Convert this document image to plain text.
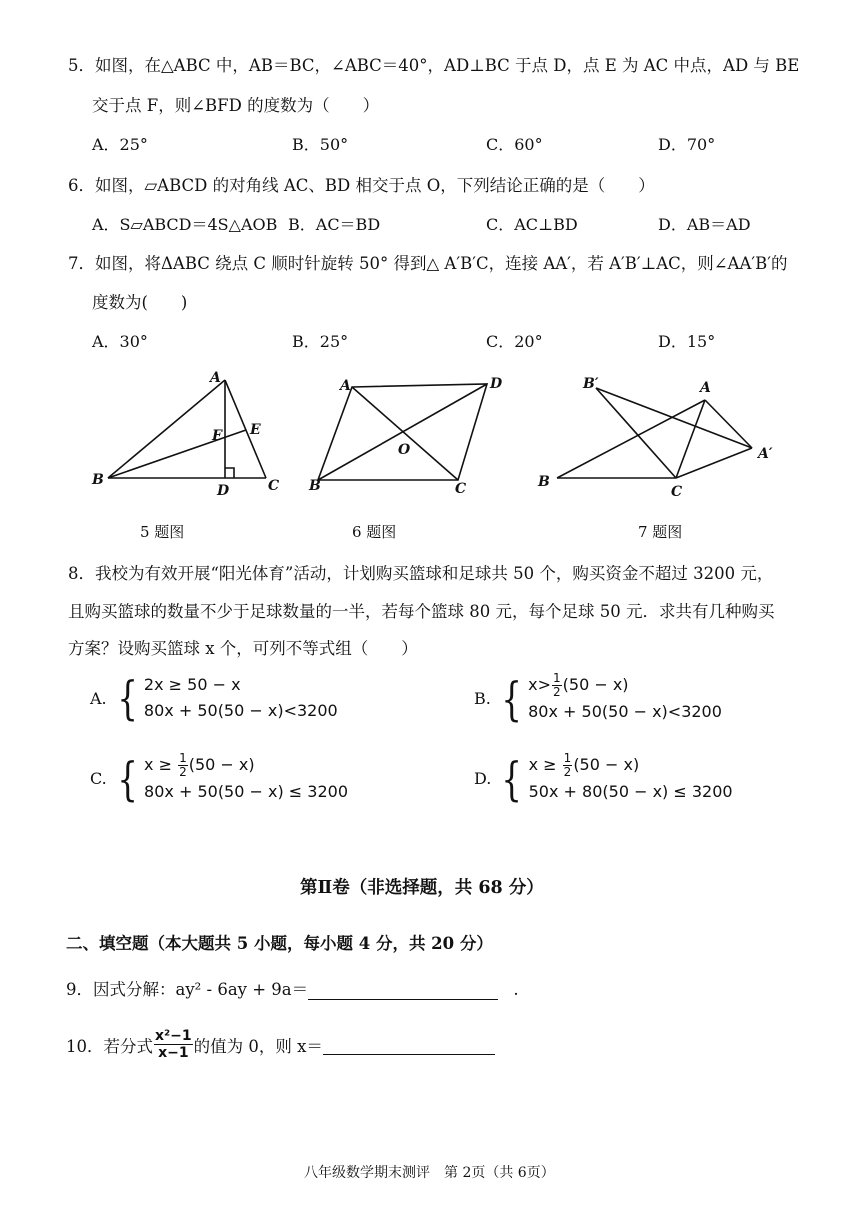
5．如图，在△ABC 中，AB＝BC，∠ABC＝40°，AD⊥BC 于点 D，点 E 为 AC 中点，AD 与 BE
交于点 F，则∠BFD 的度数为（　　）
A．25°	B．50°	C．60°	D．70°
6．如图，▱ABCD 的对角线 AC、BD 相交于点 O，下列结论正确的是（　　）
A．S▱ABCD＝4S△AOB B．AC＝BD	C．AC⊥BD	D．AB＝AD
7．如图，将ΔABC 绕点 C 顺时针旋转 50° 得到△ A′B′C，连接 AA′，若 A′B′⊥AC，则∠AA′B′的
度数为(　　)
A．30°	B．25°	C．20°	D．15°
A
B	C
D
E
F
A	D
B	C
O
B′	A
A′
B
C
5 题图	6 题图	7 题图
8．我校为有效开展“阳光体育”活动，计划购买篮球和足球共 50 个，购买资金不超过 3200 元，
且购买篮球的数量不少于足球数量的一半，若每个篮球 80 元，每个足球 50 元．求共有几种购买
方案？设购买篮球 x 个，可列不等式组（　　）
A. { 2x ≥ 50 − x
80x + 50(50 − x)<3200
B. { $x> \frac{1}{2} (50 - x)$
80x + 50(50 − x)<3200
C. { $x \ge \frac{1}{2} (50 - x)$
80x + 50(50 − x) ≤ 3200
D. { $x \ge \frac{1}{2} (50 - x)$
50x + 80(50 − x) ≤ 3200
第Ⅱ卷（非选择题，共 68 分）
二、填空题（本大题共 5 小题，每小题 4 分，共 20 分）
9．因式分解：ay² - 6ay + 9a＝	.
10．若分式 $\frac{\text{x²−1}}{x-1}$ 的值为 0，则 x＝
八年级数学期末测评　第 2页（共 6页）
